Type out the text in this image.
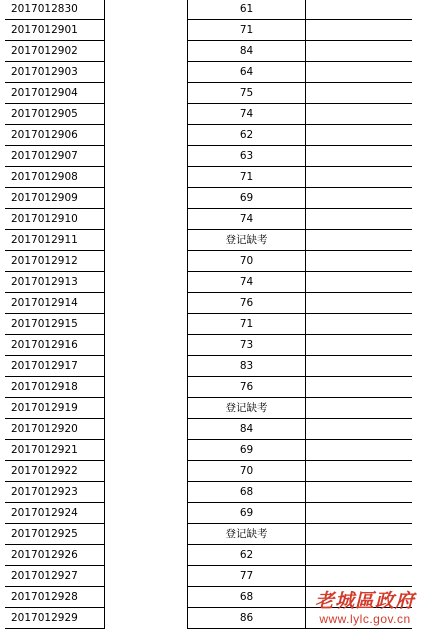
2017012830	61
2017012901	71
2017012902	84
2017012903	64
2017012904	75
2017012905	74
2017012906	62
2017012907	63
2017012908	71
2017012909	69
2017012910	74
2017012911	登记缺考
2017012912	70
2017012913	74
2017012914	76
2017012915	71
2017012916	73
2017012917	83
2017012918	76
2017012919	登记缺考
2017012920	84
2017012921	69
2017012922	70
2017012923	68
2017012924	69
2017012925	登记缺考
2017012926	62
2017012927	77
2017012928	68
2017012929	86
老城區政府
www.lylc.gov.cn
